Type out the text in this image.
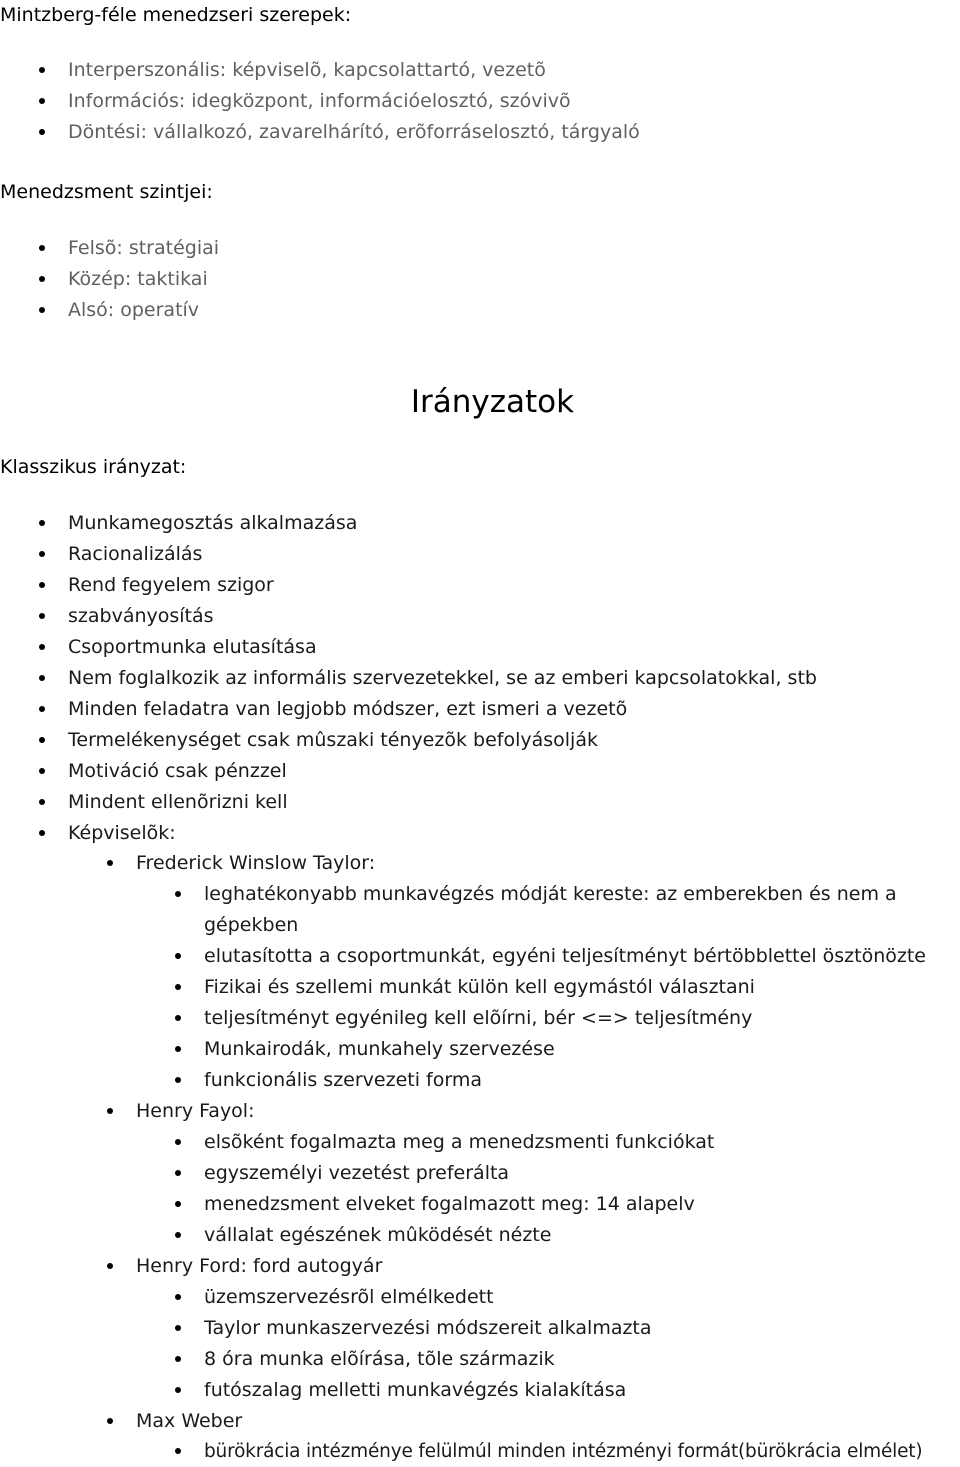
Mintzberg-féle menedzseri szerepek:
Interperszonális: képviselõ, kapcsolattartó, vezetõ
Információs: idegközpont, információelosztó, szóvivõ
Döntési: vállalkozó, zavarelhárító, erõforráselosztó, tárgyaló
Menedzsment szintjei:
Felsõ: stratégiai
Közép: taktikai
Alsó: operatív
Irányzatok
Klasszikus irányzat:
Munkamegosztás alkalmazása
Racionalizálás
Rend fegyelem szigor
szabványosítás
Csoportmunka elutasítása
Nem foglalkozik az informális szervezetekkel, se az emberi kapcsolatokkal, stb
Minden feladatra van legjobb módszer, ezt ismeri a vezetõ
Termelékenységet csak mûszaki tényezõk befolyásolják
Motiváció csak pénzzel
Mindent ellenõrizni kell
Képviselõk:
Frederick Winslow Taylor:
leghatékonyabb munkavégzés módját kereste: az emberekben és nem a
gépekben
elutasította a csoportmunkát, egyéni teljesítményt bértöbblettel ösztönözte
Fizikai és szellemi munkát külön kell egymástól választani
teljesítményt egyénileg kell elõírni, bér <=> teljesítmény
Munkairodák, munkahely szervezése
funkcionális szervezeti forma
Henry Fayol:
elsõként fogalmazta meg a menedzsmenti funkciókat
egyszemélyi vezetést preferálta
menedzsment elveket fogalmazott meg: 14 alapelv
vállalat egészének mûködését nézte
Henry Ford: ford autogyár
üzemszervezésrõl elmélkedett
Taylor munkaszervezési módszereit alkalmazta
8 óra munka elõírása, tõle származik
futószalag melletti munkavégzés kialakítása
Max Weber
bürökrácia intézménye felülmúl minden intézményi formát(bürökrácia elmélet)
